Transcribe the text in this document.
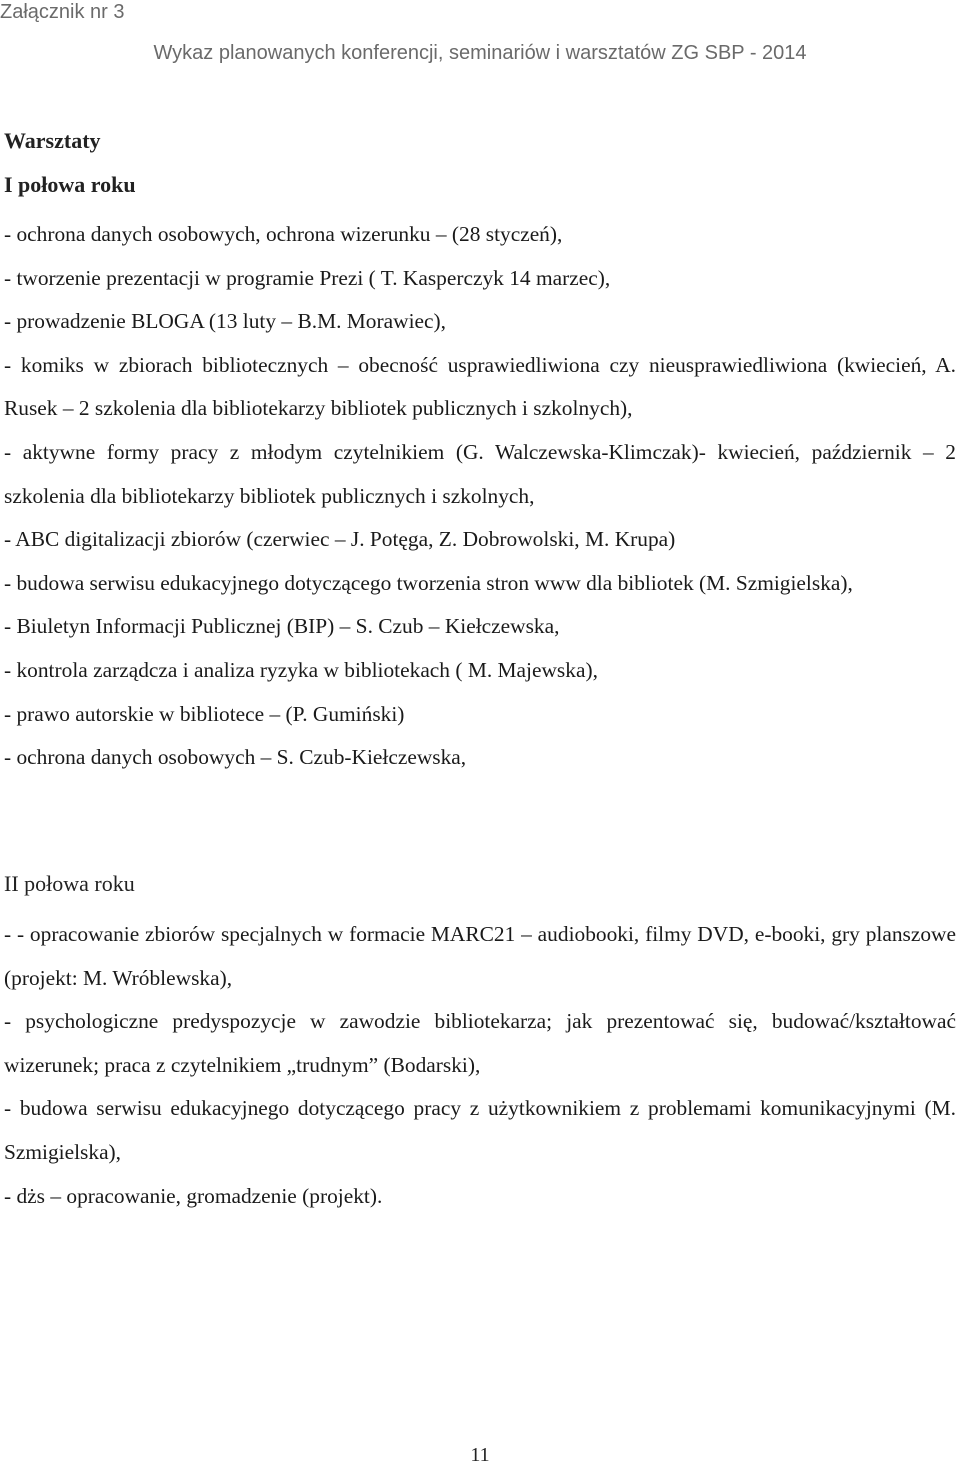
Załącznik nr 3
Wykaz planowanych konferencji, seminariów i warsztatów ZG SBP - 2014
Warsztaty
I połowa roku
- ochrona danych osobowych, ochrona wizerunku – (28 styczeń),
- tworzenie prezentacji w programie Prezi ( T. Kasperczyk 14 marzec),
- prowadzenie BLOGA (13 luty – B.M. Morawiec),
- komiks w zbiorach bibliotecznych – obecność usprawiedliwiona czy nieusprawiedliwiona (kwiecień, A. Rusek – 2 szkolenia dla bibliotekarzy bibliotek publicznych i szkolnych),
- aktywne formy pracy z młodym czytelnikiem (G. Walczewska-Klimczak)- kwiecień, październik – 2 szkolenia dla bibliotekarzy bibliotek publicznych i szkolnych,
- ABC digitalizacji zbiorów (czerwiec – J. Potęga, Z. Dobrowolski, M. Krupa)
- budowa serwisu edukacyjnego dotyczącego tworzenia stron www dla bibliotek (M. Szmigielska),
- Biuletyn Informacji Publicznej (BIP) – S. Czub – Kiełczewska,
- kontrola zarządcza i analiza ryzyka w bibliotekach ( M. Majewska),
- prawo autorskie w bibliotece – (P. Gumiński)
- ochrona danych osobowych – S. Czub-Kiełczewska,
II połowa roku
- - opracowanie zbiorów specjalnych w formacie MARC21 – audiobooki, filmy DVD, e-booki, gry planszowe (projekt: M. Wróblewska),
- psychologiczne predyspozycje w zawodzie bibliotekarza; jak prezentować się, budować/kształtować wizerunek; praca z czytelnikiem „trudnym” (Bodarski),
- budowa serwisu edukacyjnego dotyczącego pracy z użytkownikiem z problemami komunikacyjnymi (M. Szmigielska),
- dżs – opracowanie, gromadzenie (projekt).
11
